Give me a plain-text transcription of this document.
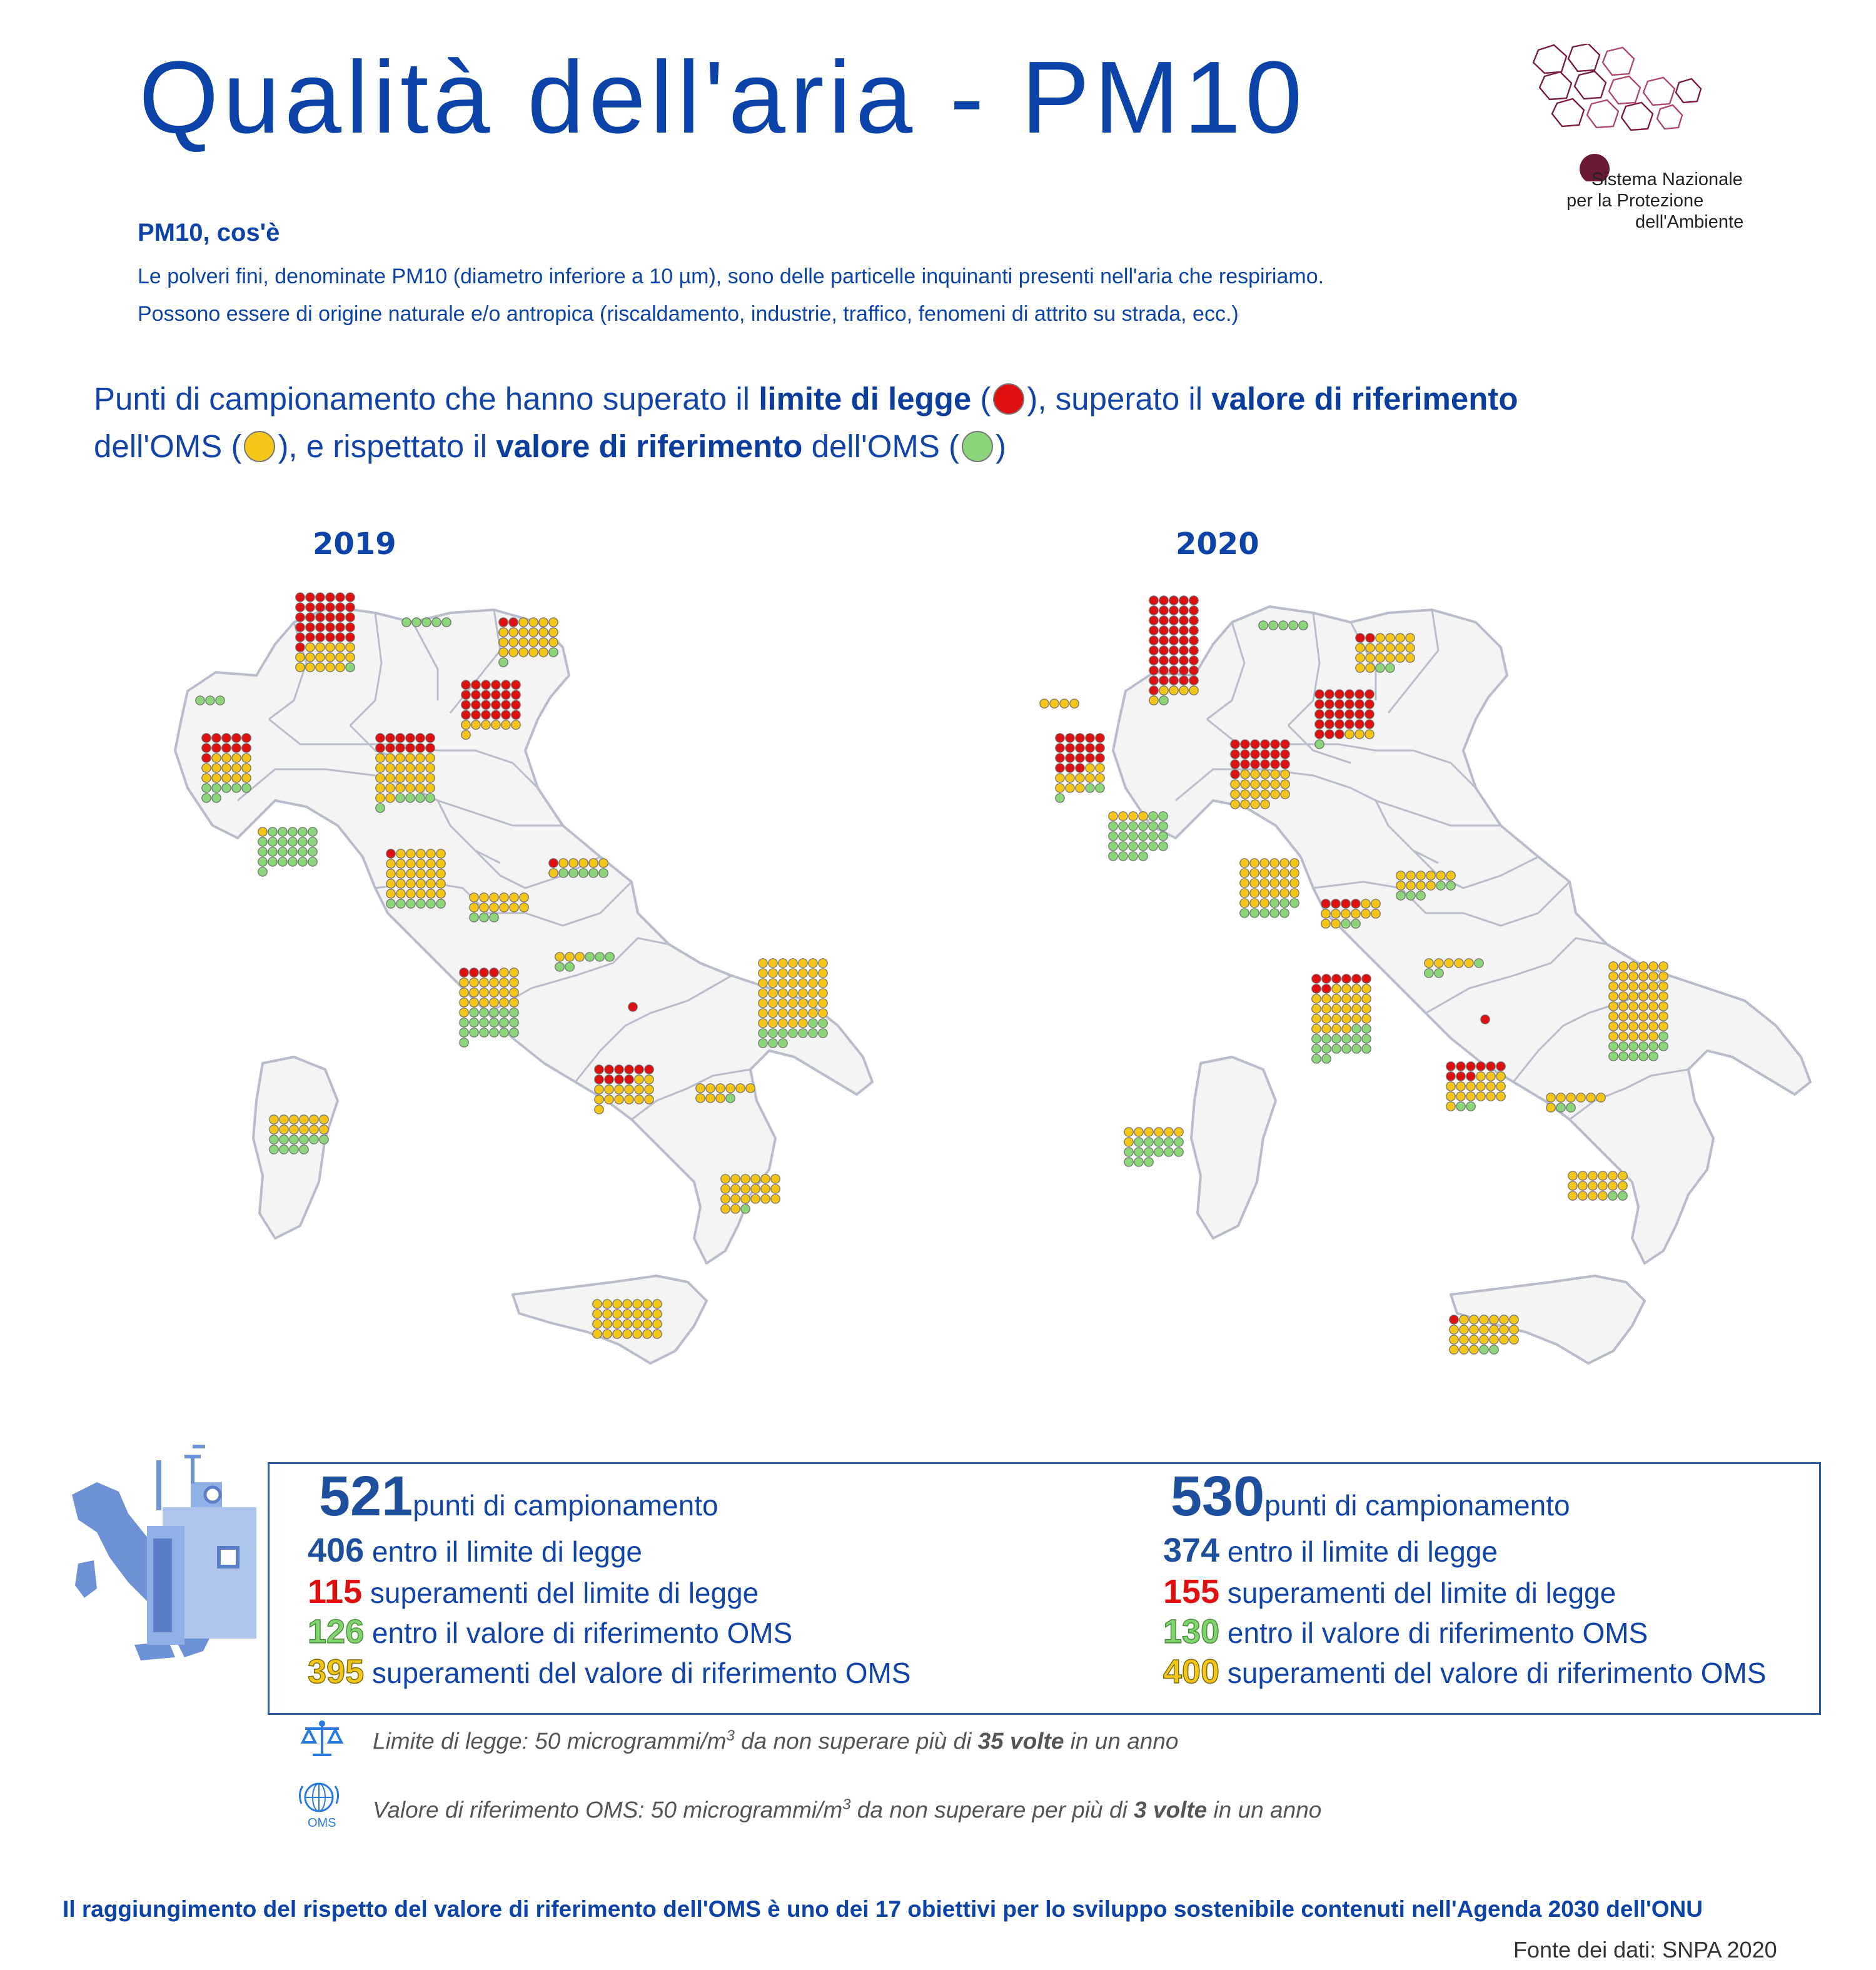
Qualità dell'aria - PM10
Sistema Nazionale
per la Protezione
dell'Ambiente
PM10, cos'è
Le polveri fini, denominate PM10 (diametro inferiore a 10 µm), sono delle particelle inquinanti presenti nell'aria che respiriamo.
Possono essere di origine naturale e/o antropica (riscaldamento, industrie, traffico, fenomeni di attrito su strada, ecc.)
Punti di campionamento che hanno superato il limite di legge ( ), superato il valore di riferimento
dell'OMS ( ), e rispettato il valore di riferimento dell'OMS ( )
2019	2020
521punti di campionamento
406 entro il limite di legge
115 superamenti del limite di legge
126 entro il valore di riferimento OMS
395 superamenti del valore di riferimento OMS
530punti di campionamento
374 entro il limite di legge
155 superamenti del limite di legge
130 entro il valore di riferimento OMS
400 superamenti del valore di riferimento OMS
Limite di legge: 50 microgrammi/$m^3$ da non superare più di 35 volte in un anno
OMS
Valore di riferimento OMS: 50 microgrammi/$m^3$ da non superare per più di 3 volte in un anno
Il raggiungimento del rispetto del valore di riferimento dell'OMS è uno dei 17 obiettivi per lo sviluppo sostenibile contenuti nell'Agenda 2030 dell'ONU
Fonte dei dati: SNPA 2020
